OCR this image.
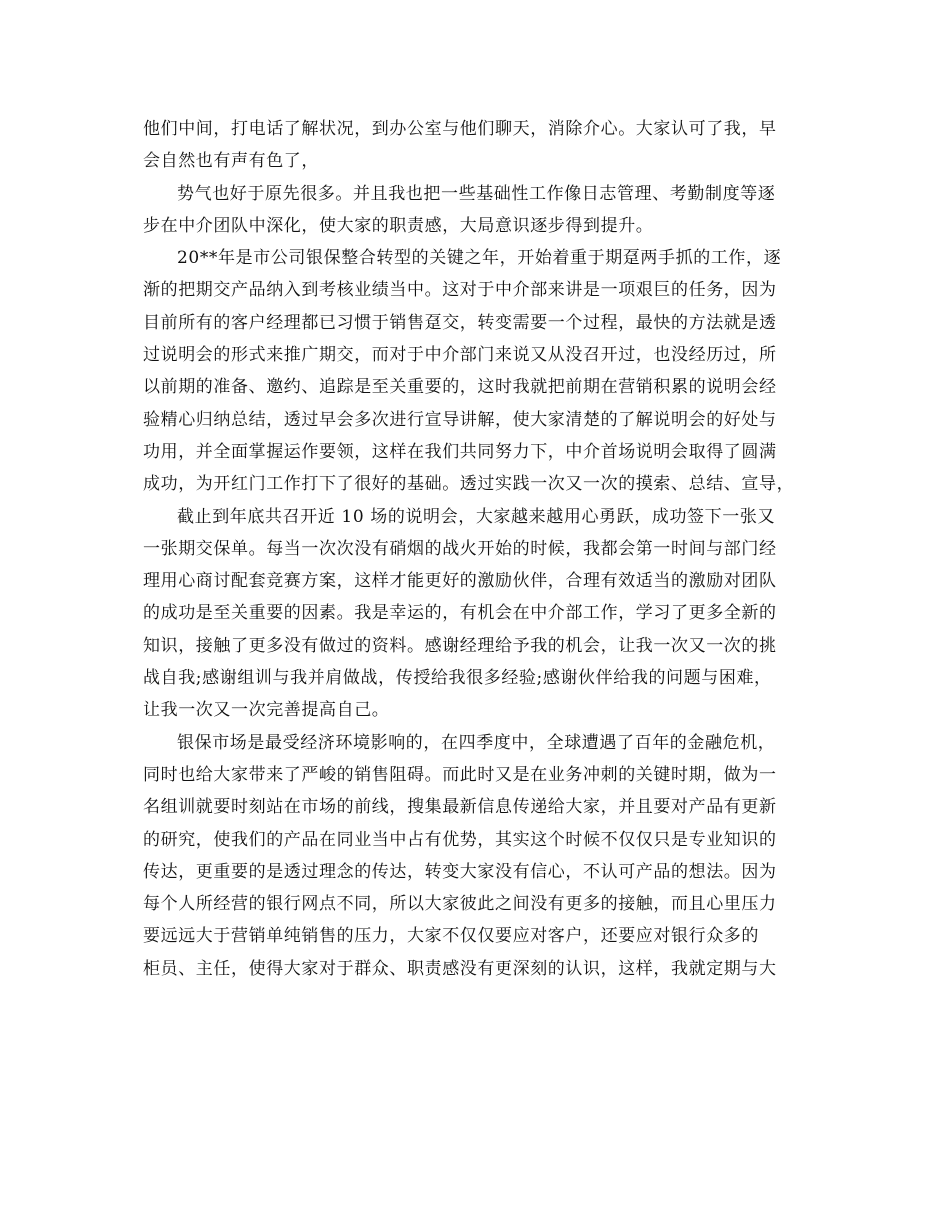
他们中间，打电话了解状况，到办公室与他们聊天，消除介心。大家认可了我，早
会自然也有声有色了，
势气也好于原先很多。并且我也把一些基础性工作像日志管理、考勤制度等逐
步在中介团队中深化，使大家的职责感，大局意识逐步得到提升。
20**年是市公司银保整合转型的关键之年，开始着重于期趸两手抓的工作，逐
渐的把期交产品纳入到考核业绩当中。这对于中介部来讲是一项艰巨的任务，因为
目前所有的客户经理都已习惯于销售趸交，转变需要一个过程，最快的方法就是透
过说明会的形式来推广期交，而对于中介部门来说又从没召开过，也没经历过，所
以前期的准备、邀约、追踪是至关重要的，这时我就把前期在营销积累的说明会经
验精心归纳总结，透过早会多次进行宣导讲解，使大家清楚的了解说明会的好处与
功用，并全面掌握运作要领，这样在我们共同努力下，中介首场说明会取得了圆满
成功，为开红门工作打下了很好的基础。透过实践一次又一次的摸索、总结、宣导，
截止到年底共召开近 10 场的说明会，大家越来越用心勇跃，成功签下一张又
一张期交保单。每当一次次没有硝烟的战火开始的时候，我都会第一时间与部门经
理用心商讨配套竞赛方案，这样才能更好的激励伙伴，合理有效适当的激励对团队
的成功是至关重要的因素。我是幸运的，有机会在中介部工作，学习了更多全新的
知识，接触了更多没有做过的资料。感谢经理给予我的机会，让我一次又一次的挑
战自我;感谢组训与我并肩做战，传授给我很多经验;感谢伙伴给我的问题与困难，
让我一次又一次完善提高自己。
银保市场是最受经济环境影响的，在四季度中，全球遭遇了百年的金融危机，
同时也给大家带来了严峻的销售阻碍。而此时又是在业务冲刺的关键时期，做为一
名组训就要时刻站在市场的前线，搜集最新信息传递给大家，并且要对产品有更新
的研究，使我们的产品在同业当中占有优势，其实这个时候不仅仅只是专业知识的
传达，更重要的是透过理念的传达，转变大家没有信心，不认可产品的想法。因为
每个人所经营的银行网点不同，所以大家彼此之间没有更多的接触，而且心里压力
要远远大于营销单纯销售的压力，大家不仅仅要应对客户，还要应对银行众多的
柜员、主任，使得大家对于群众、职责感没有更深刻的认识，这样，我就定期与大
